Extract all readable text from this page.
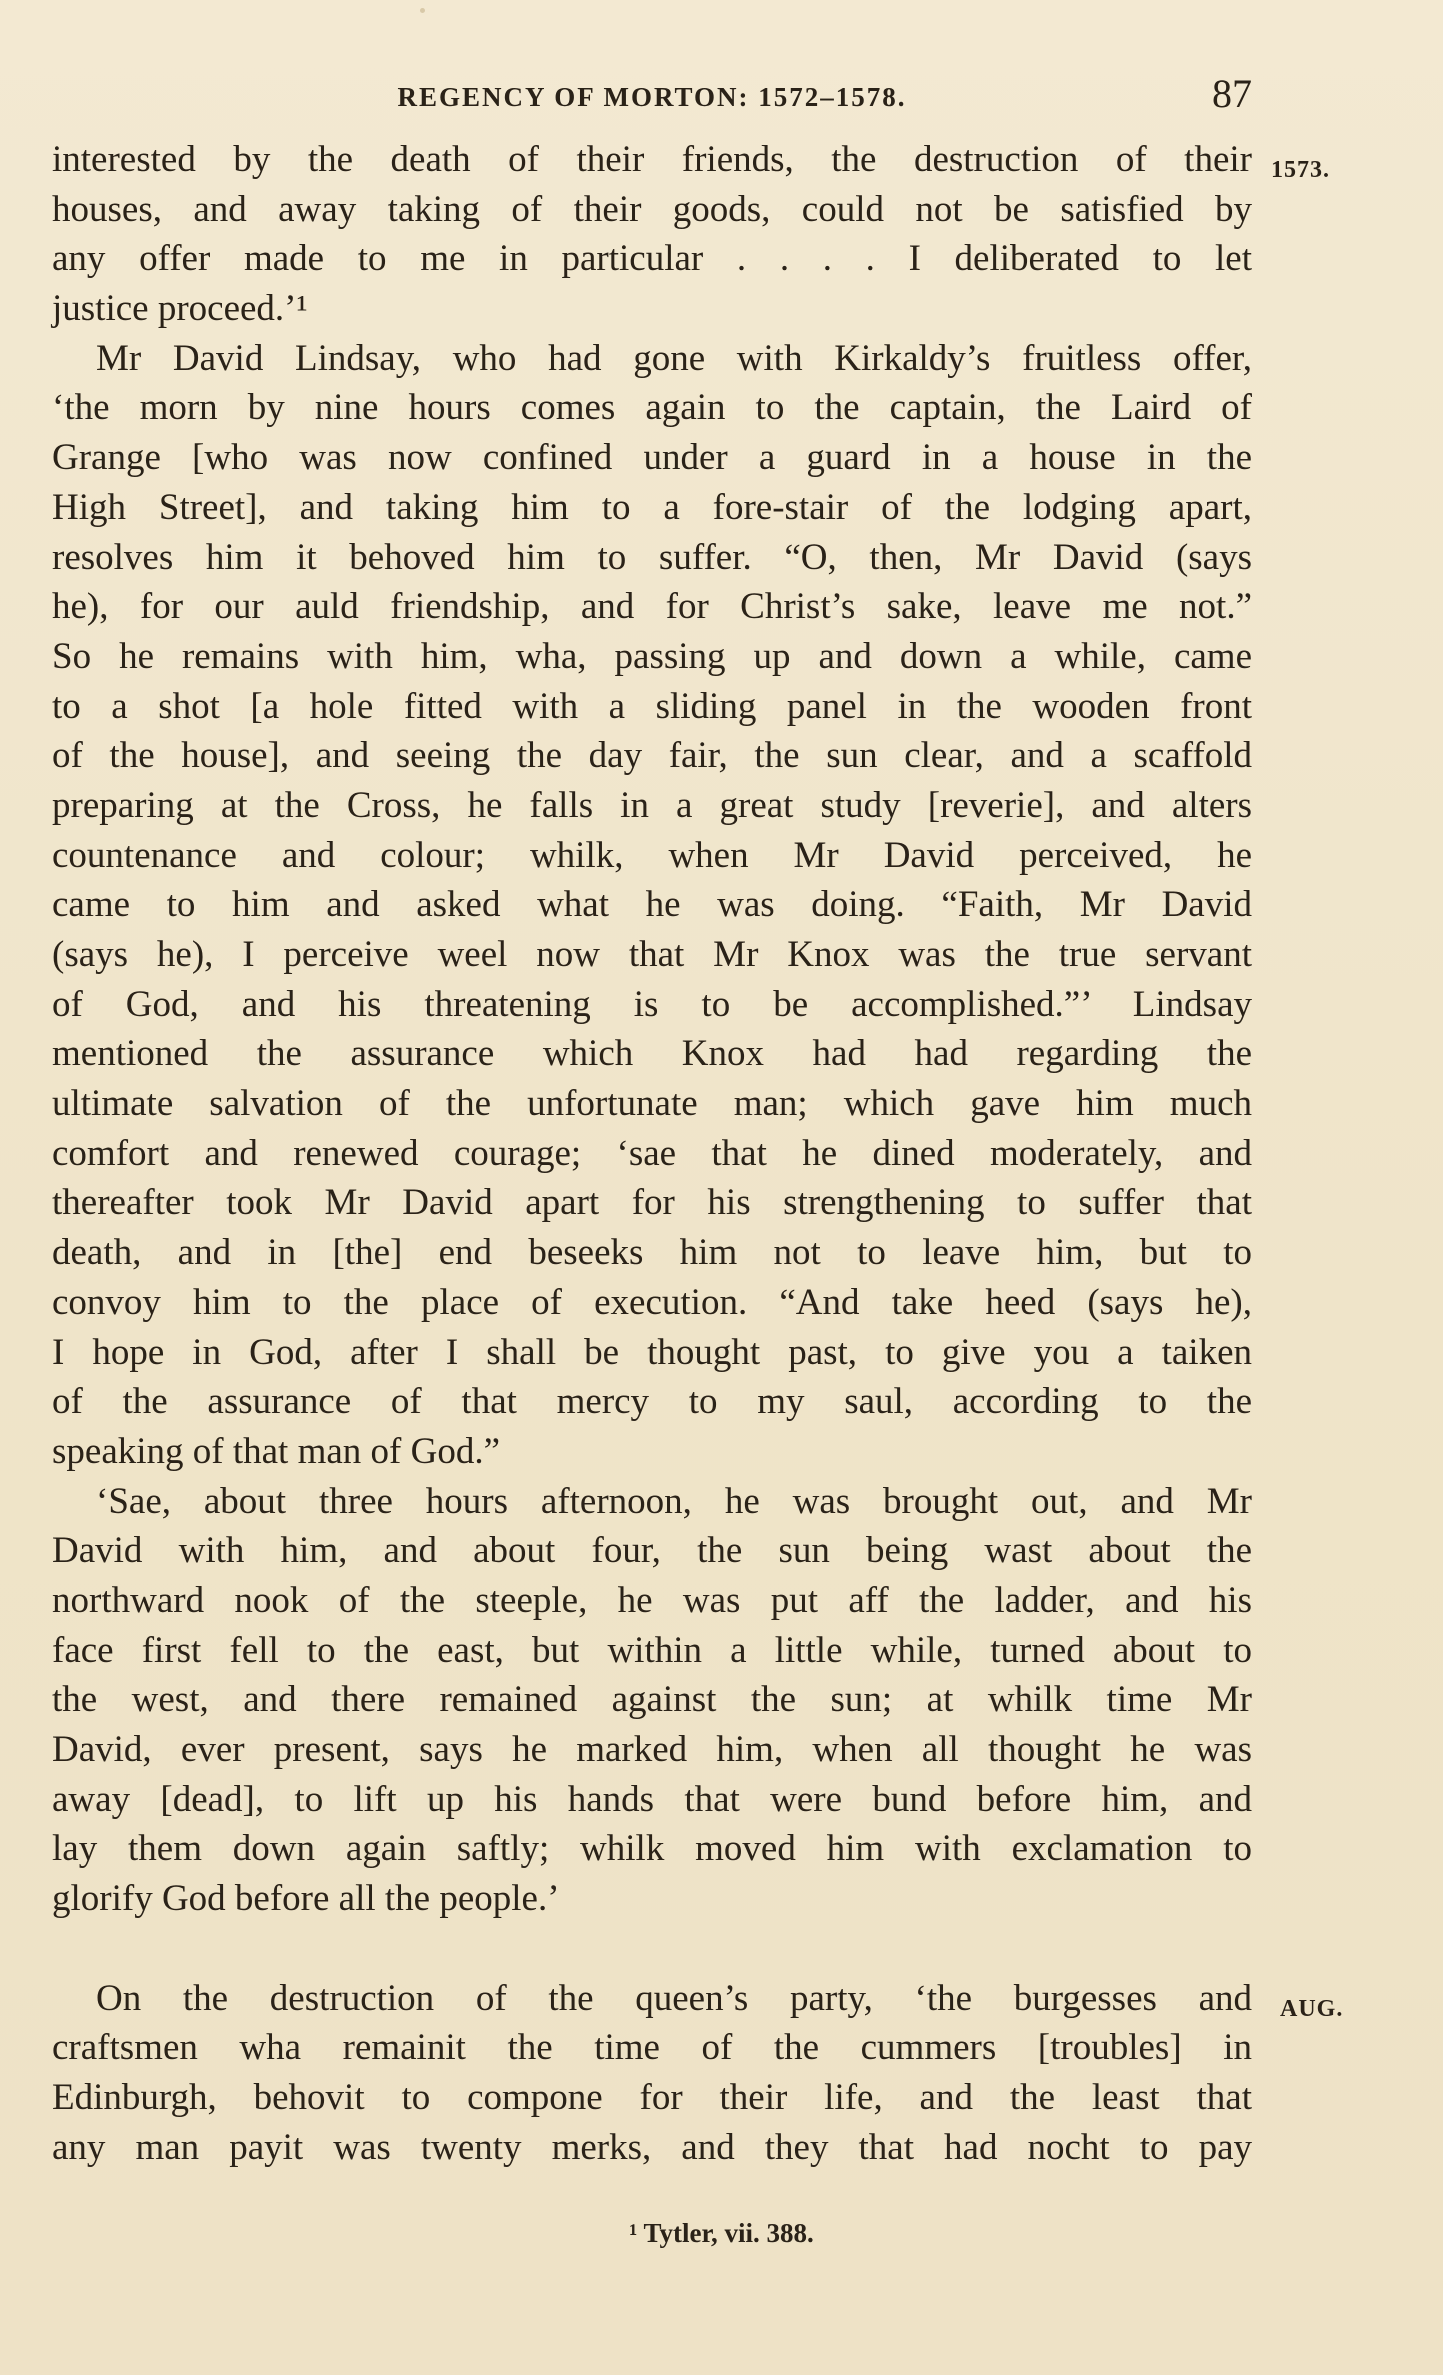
REGENCY OF MORTON: 1572–1578.	87
1573.
AUG.
interested by the death of their friends, the destruction of their
houses, and away taking of their goods, could not be satisfied by
any offer made to me in particular . . . . I deliberated to let
justice proceed.’¹
Mr David Lindsay, who had gone with Kirkaldy’s fruitless offer,
‘the morn by nine hours comes again to the captain, the Laird of
Grange [who was now confined under a guard in a house in the
High Street], and taking him to a fore-stair of the lodging apart,
resolves him it behoved him to suffer. “O, then, Mr David (says
he), for our auld friendship, and for Christ’s sake, leave me not.”
So he remains with him, wha, passing up and down a while, came
to a shot [a hole fitted with a sliding panel in the wooden front
of the house], and seeing the day fair, the sun clear, and a scaffold
preparing at the Cross, he falls in a great study [reverie], and alters
countenance and colour; whilk, when Mr David perceived, he
came to him and asked what he was doing. “Faith, Mr David
(says he), I perceive weel now that Mr Knox was the true servant
of God, and his threatening is to be accomplished.”’ Lindsay
mentioned the assurance which Knox had had regarding the
ultimate salvation of the unfortunate man; which gave him much
comfort and renewed courage; ‘sae that he dined moderately, and
thereafter took Mr David apart for his strengthening to suffer that
death, and in [the] end beseeks him not to leave him, but to
convoy him to the place of execution. “And take heed (says he),
I hope in God, after I shall be thought past, to give you a taiken
of the assurance of that mercy to my saul, according to the
speaking of that man of God.”
‘Sae, about three hours afternoon, he was brought out, and Mr
David with him, and about four, the sun being wast about the
northward nook of the steeple, he was put aff the ladder, and his
face first fell to the east, but within a little while, turned about to
the west, and there remained against the sun; at whilk time Mr
David, ever present, says he marked him, when all thought he was
away [dead], to lift up his hands that were bund before him, and
lay them down again saftly; whilk moved him with exclamation to
glorify God before all the people.’
On the destruction of the queen’s party, ‘the burgesses and
craftsmen wha remainit the time of the cummers [troubles] in
Edinburgh, behovit to compone for their life, and the least that
any man payit was twenty merks, and they that had nocht to pay
¹ Tytler, vii. 388.
